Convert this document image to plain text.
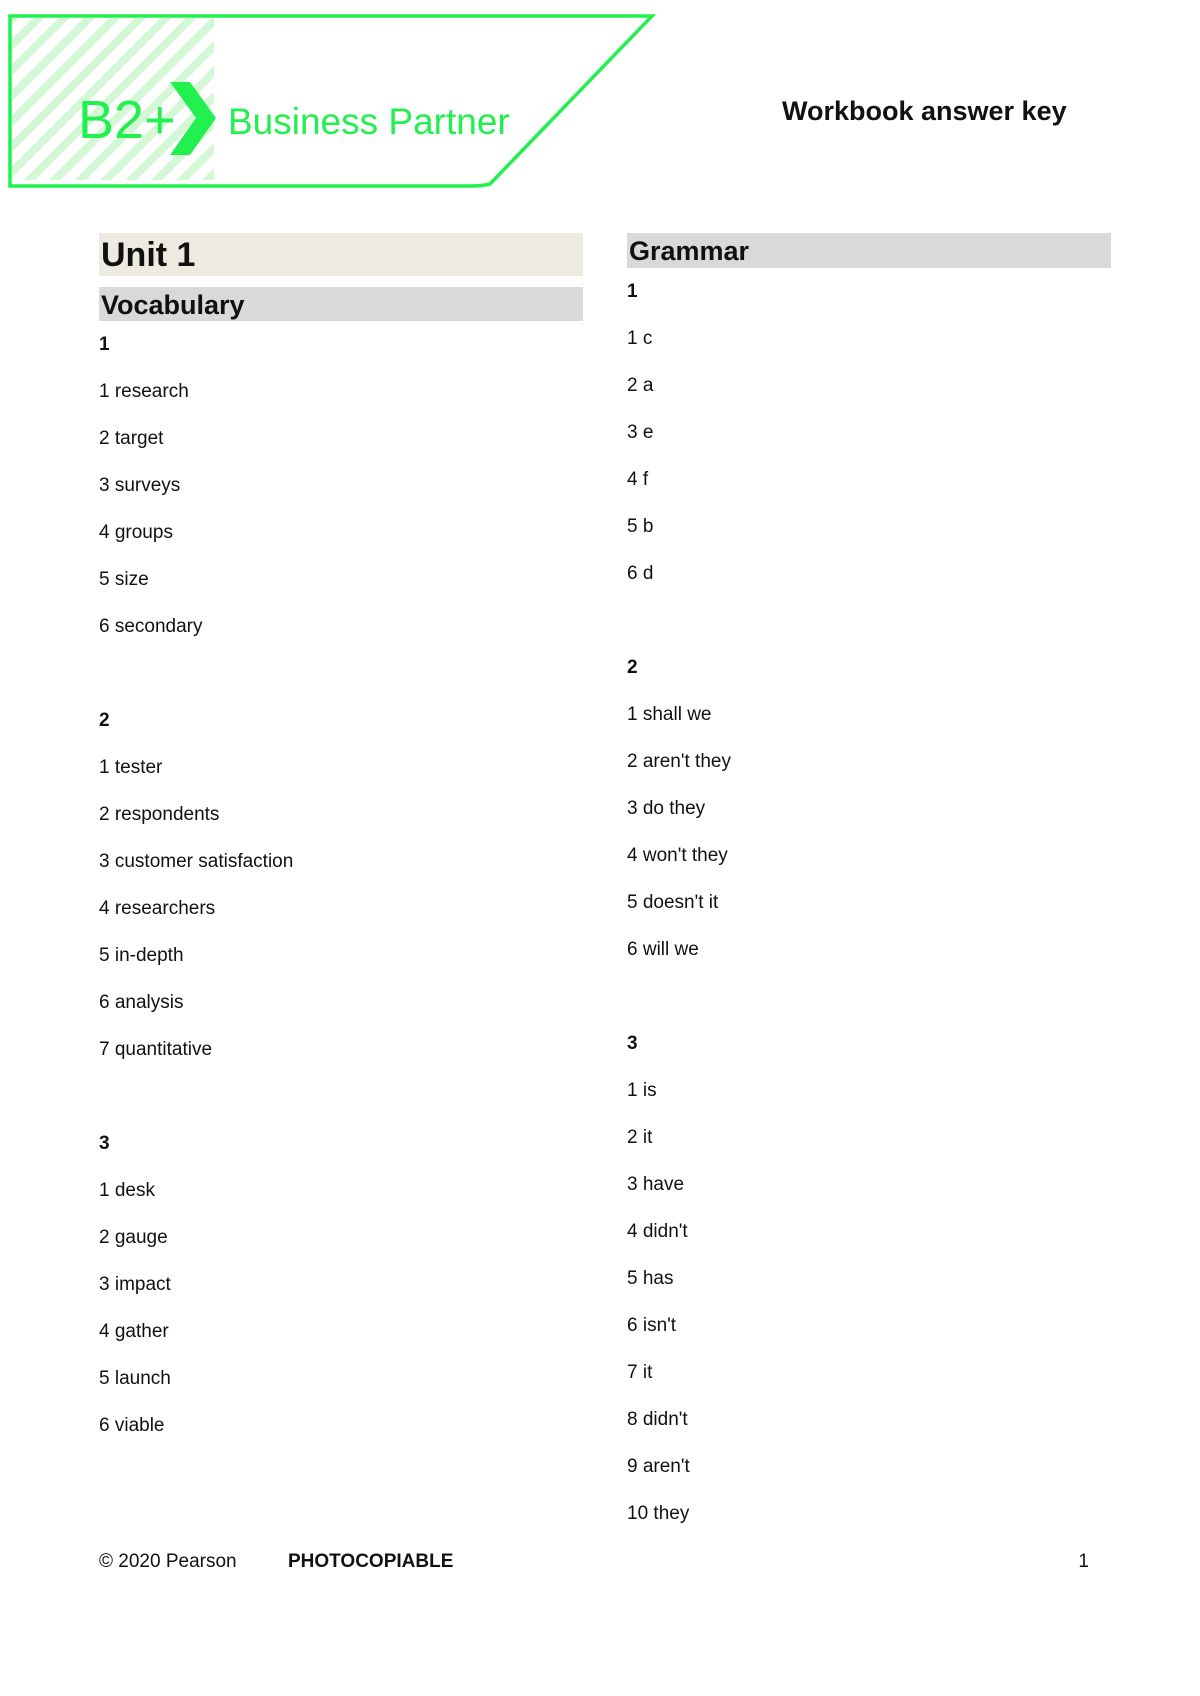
B2+ Business Partner	Workbook answer key
Unit 1
Vocabulary
1
1 research
2 target
3 surveys
4 groups
5 size
6 secondary
2
1 tester
2 respondents
3 customer satisfaction
4 researchers
5 in-depth
6 analysis
7 quantitative
3
1 desk
2 gauge
3 impact
4 gather
5 launch
6 viable
Grammar
1
1 c
2 a
3 e
4 f
5 b
6 d
2
1 shall we
2 aren't they
3 do they
4 won't they
5 doesn't it
6 will we
3
1 is
2 it
3 have
4 didn't
5 has
6 isn't
7 it
8 didn't
9 aren't
10 they
© 2020 Pearson	PHOTOCOPIABLE	1
